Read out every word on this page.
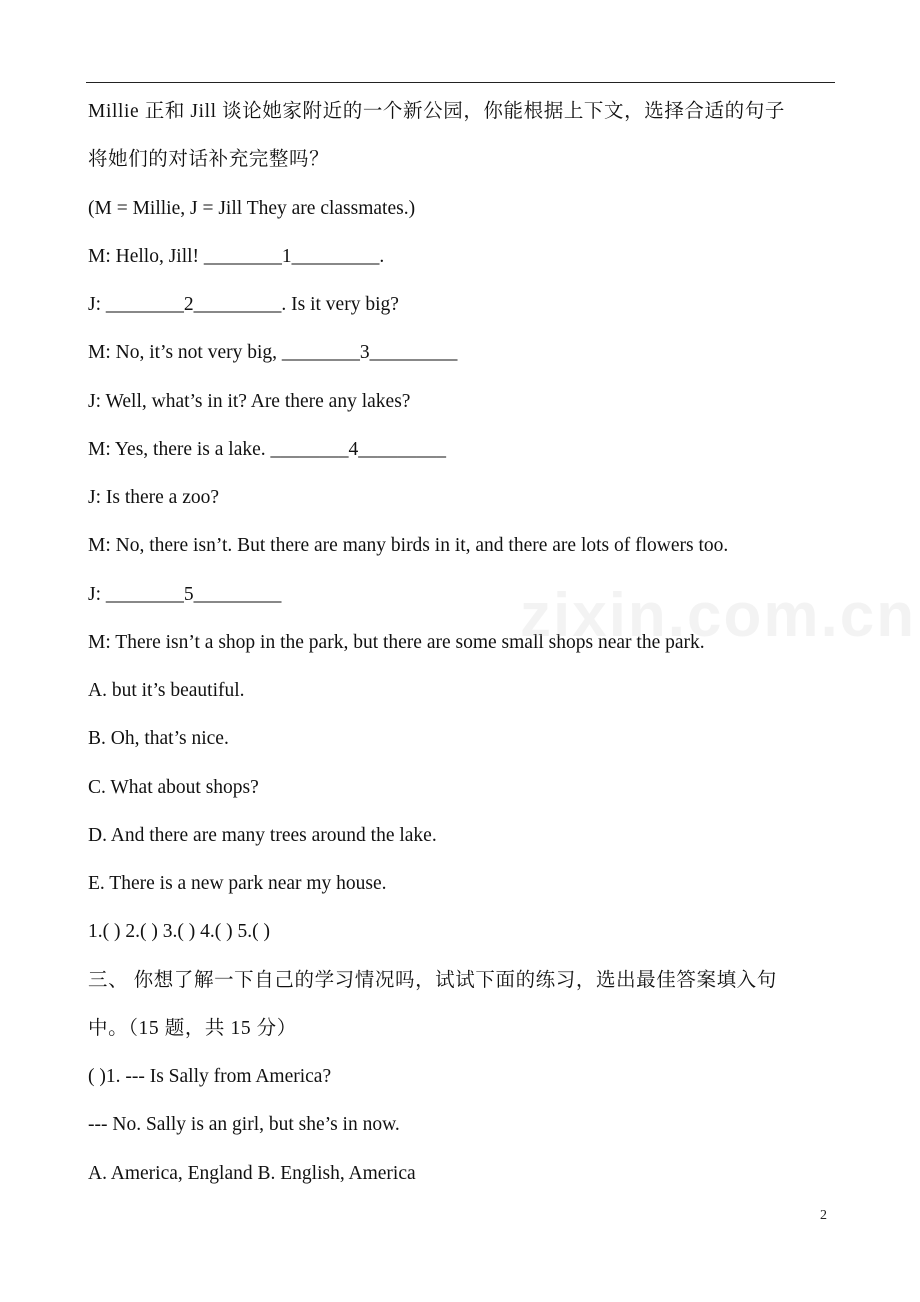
Millie 正和 Jill 谈论她家附近的一个新公园，你能根据上下文，选择合适的句子
将她们的对话补充完整吗？
(M = Millie, J = Jill They are classmates.)
M: Hello, Jill! ________1_________.
J: ________2_________. Is it very big?
M: No, it’s not very big, ________3_________
J: Well, what’s in it? Are there any lakes?
M: Yes, there is a lake. ________4_________
J: Is there a zoo?
M: No, there isn’t. But there are many birds in it, and there are lots of flowers too.
J: ________5_________
M: There isn’t a shop in the park, but there are some small shops near the park.
A. but it’s beautiful.
B. Oh, that’s nice.
C. What about shops?
D. And there are many trees around the lake.
E. There is a new park near my house.
1.( ) 2.( ) 3.( ) 4.( ) 5.( )
三、 你想了解一下自己的学习情况吗，试试下面的练习，选出最佳答案填入句
中。（15 题，共 15 分）
( )1. --- Is Sally from America?
--- No. Sally is an girl, but she’s in now.
A. America, England B. English, America
zixin.com.cn
2
